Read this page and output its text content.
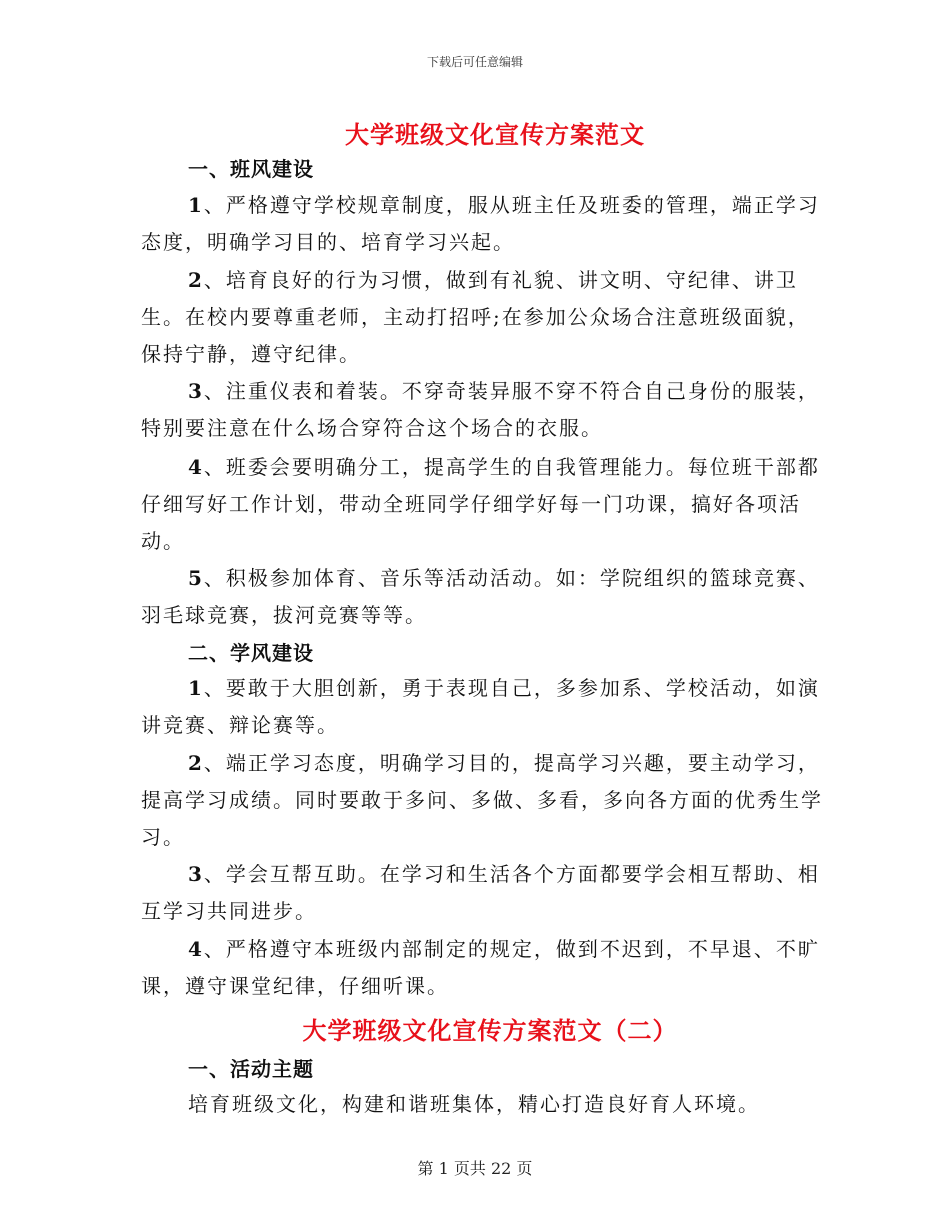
下载后可任意编辑
大学班级文化宣传方案范文
一、班风建设
1、严格遵守学校规章制度，服从班主任及班委的管理，端正学习态度，明确学习目的、培育学习兴起。
2、培育良好的行为习惯，做到有礼貌、讲文明、守纪律、讲卫生。在校内要尊重老师，主动打招呼;在参加公众场合注意班级面貌，保持宁静，遵守纪律。
3、注重仪表和着装。不穿奇装异服不穿不符合自己身份的服装，特别要注意在什么场合穿符合这个场合的衣服。
4、班委会要明确分工，提高学生的自我管理能力。每位班干部都仔细写好工作计划，带动全班同学仔细学好每一门功课，搞好各项活动。
5、积极参加体育、音乐等活动活动。如：学院组织的篮球竞赛、羽毛球竞赛，拔河竞赛等等。
二、学风建设
1、要敢于大胆创新，勇于表现自己，多参加系、学校活动，如演讲竞赛、辩论赛等。
2、端正学习态度，明确学习目的，提高学习兴趣，要主动学习，提高学习成绩。同时要敢于多问、多做、多看，多向各方面的优秀生学习。
3、学会互帮互助。在学习和生活各个方面都要学会相互帮助、相互学习共同进步。
4、严格遵守本班级内部制定的规定，做到不迟到，不早退、不旷课，遵守课堂纪律，仔细听课。
大学班级文化宣传方案范文（二）
一、活动主题
培育班级文化，构建和谐班集体，精心打造良好育人环境。
第 1 页共 22 页
